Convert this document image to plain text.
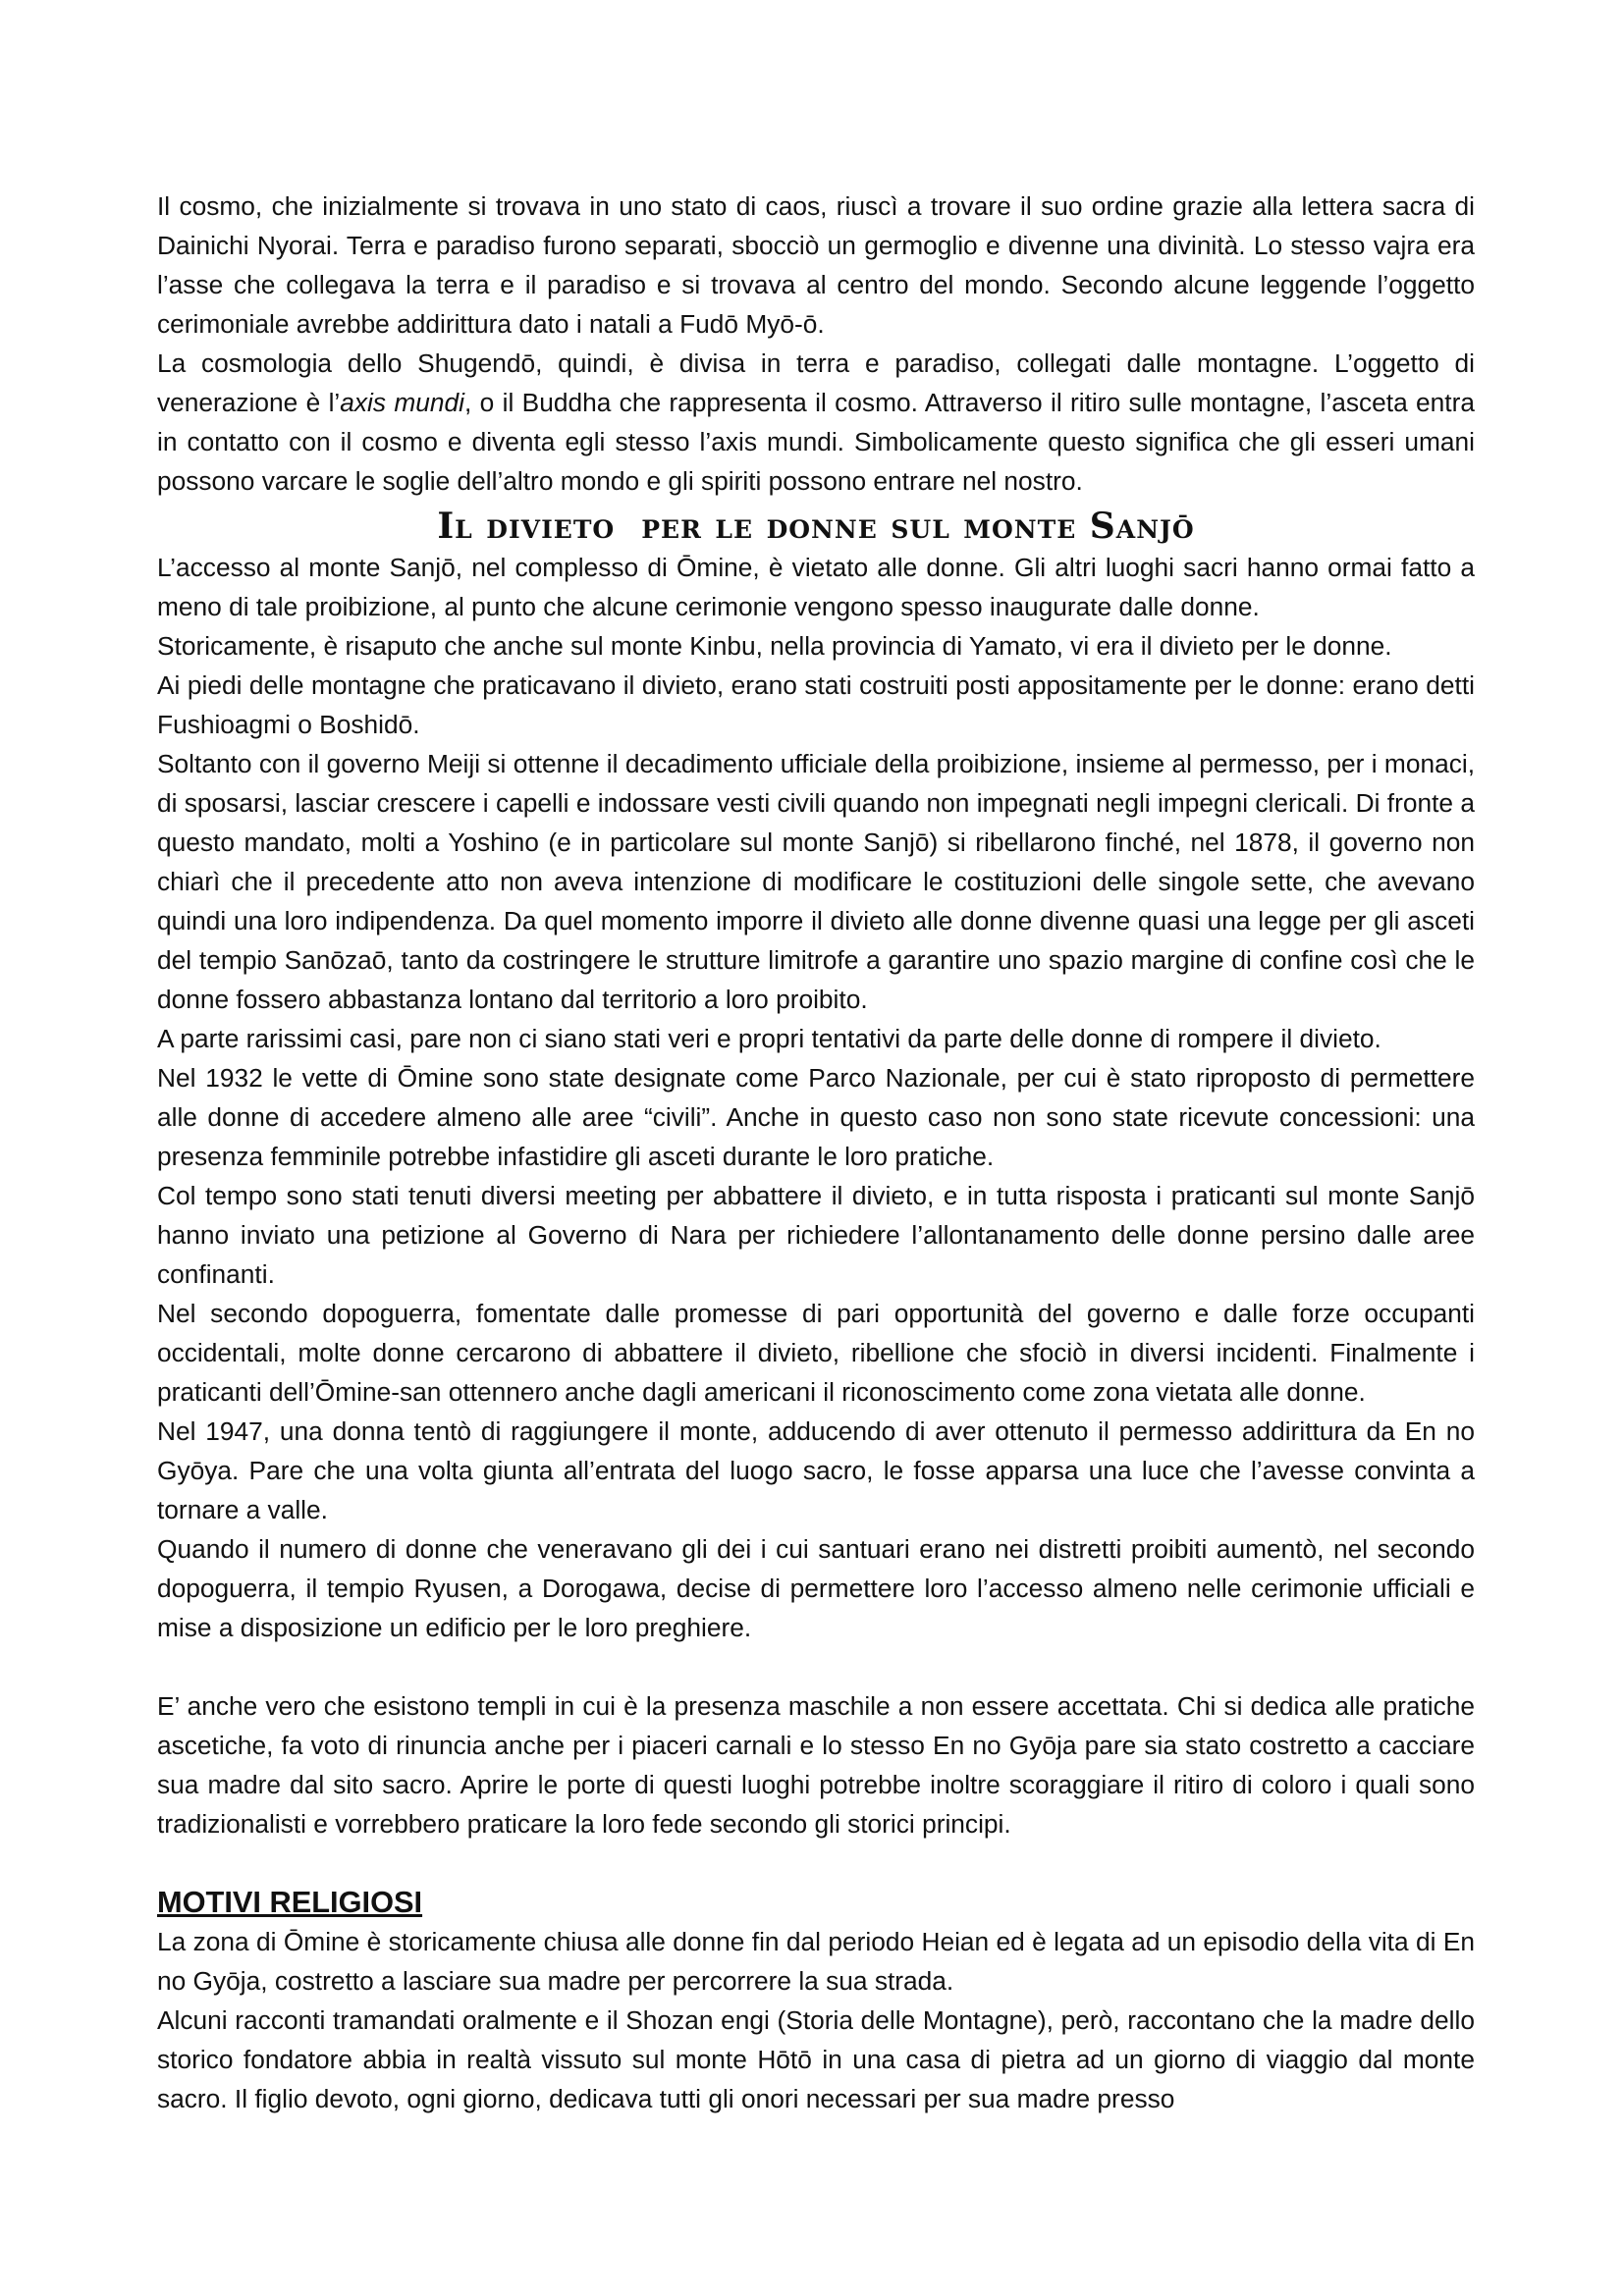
Il cosmo, che inizialmente si trovava in uno stato di caos, riuscì a trovare il suo ordine grazie alla lettera sacra di Dainichi Nyorai. Terra e paradiso furono separati, sbocciò un germoglio e divenne una divinità. Lo stesso vajra era l’asse che collegava la terra e il paradiso e si trovava al centro del mondo. Secondo alcune leggende l’oggetto cerimoniale avrebbe addirittura dato i natali a Fudō Myō-ō.

La cosmologia dello Shugendō, quindi, è divisa in terra e paradiso, collegati dalle montagne. L’oggetto di venerazione è l’axis mundi, o il Buddha che rappresenta il cosmo. Attraverso il ritiro sulle montagne, l’asceta entra in contatto con il cosmo e diventa egli stesso l’axis mundi. Simbolicamente questo significa che gli esseri umani possono varcare le soglie dell’altro mondo e gli spiriti possono entrare nel nostro.

Il divieto  per le donne sul monte Sanjō

L’accesso al monte Sanjō, nel complesso di Ōmine, è vietato alle donne. Gli altri luoghi sacri hanno ormai fatto a meno di tale proibizione, al punto che alcune cerimonie vengono spesso inaugurate dalle donne.

Storicamente, è risaputo che anche sul monte Kinbu, nella provincia di Yamato, vi era il divieto per le donne.

Ai piedi delle montagne che praticavano il divieto, erano stati costruiti posti appositamente per le donne: erano detti Fushioagmi o Boshidō.

Soltanto con il governo Meiji si ottenne il decadimento ufficiale della proibizione, insieme al permesso, per i monaci, di sposarsi, lasciar crescere i capelli e indossare vesti civili quando non impegnati negli impegni clericali. Di fronte a questo mandato, molti a Yoshino (e in particolare sul monte Sanjō) si ribellarono finché, nel 1878, il governo non chiarì che il precedente atto non aveva intenzione di modificare le costituzioni delle singole sette, che avevano quindi una loro indipendenza. Da quel momento imporre il divieto alle donne divenne quasi una legge per gli asceti del tempio Sanōzaō, tanto da costringere le strutture limitrofe a garantire uno spazio margine di confine così che le donne fossero abbastanza lontano dal territorio a loro proibito.

A parte rarissimi casi, pare non ci siano stati veri e propri tentativi da parte delle donne di rompere il divieto.

Nel 1932 le vette di Ōmine sono state designate come Parco Nazionale, per cui è stato riproposto di permettere alle donne di accedere almeno alle aree “civili”. Anche in questo caso non sono state ricevute concessioni: una presenza femminile potrebbe infastidire gli asceti durante le loro pratiche.

Col tempo sono stati tenuti diversi meeting per abbattere il divieto, e in tutta risposta i praticanti sul monte Sanjō hanno inviato una petizione al Governo di Nara per richiedere l’allontanamento delle donne persino dalle aree confinanti.

Nel secondo dopoguerra, fomentate dalle promesse di pari opportunità del governo e dalle forze occupanti occidentali, molte donne cercarono di abbattere il divieto, ribellione che sfociò in diversi incidenti. Finalmente i praticanti dell’Ōmine-san ottennero anche dagli americani il riconoscimento come zona vietata alle donne.

Nel 1947, una donna tentò di raggiungere il monte, adducendo di aver ottenuto il permesso addirittura da En no Gyōya. Pare che una volta giunta all’entrata del luogo sacro, le fosse apparsa una luce che l’avesse convinta a tornare a valle.

Quando il numero di donne che veneravano gli dei i cui santuari erano nei distretti proibiti aumentò, nel secondo dopoguerra, il tempio Ryusen, a Dorogawa, decise di permettere loro l’accesso almeno nelle cerimonie ufficiali e mise a disposizione un edificio per le loro preghiere.

E’ anche vero che esistono templi in cui è la presenza maschile a non essere accettata. Chi si dedica alle pratiche ascetiche, fa voto di rinuncia anche per i piaceri carnali e lo stesso En no Gyōja pare sia stato costretto a cacciare sua madre dal sito sacro. Aprire le porte di questi luoghi potrebbe inoltre scoraggiare il ritiro di coloro i quali sono tradizionalisti e vorrebbero praticare la loro fede secondo gli storici principi.

MOTIVI RELIGIOSI

La zona di Ōmine è storicamente chiusa alle donne fin dal periodo Heian ed è legata ad un episodio della vita di En no Gyōja, costretto a lasciare sua madre per percorrere la sua strada.

Alcuni racconti tramandati oralmente e il Shozan engi (Storia delle Montagne), però, raccontano che la madre dello storico fondatore abbia in realtà vissuto sul monte Hōtō in una casa di pietra ad un giorno di viaggio dal monte sacro. Il figlio devoto, ogni giorno, dedicava tutti gli onori necessari per sua madre presso
